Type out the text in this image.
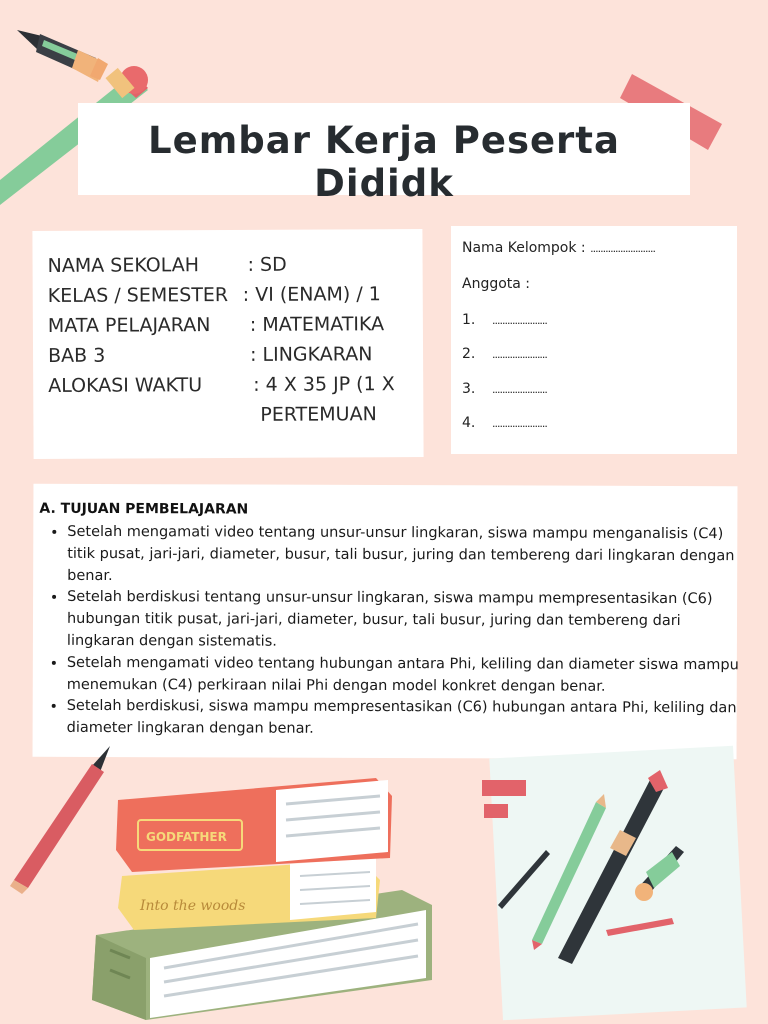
Lembar Kerja Peserta Dididk
NAMA SEKOLAH	: SD
KELAS / SEMESTER : VI (ENAM) / 1
MATA PELAJARAN : MATEMATIKA
BAB 3	: LINGKARAN
ALOKASI WAKTU	: 4 X 35 JP (1 X
PERTEMUAN
Nama Kelompok : ..........................
Anggota :
1. ......................
2. ......................
3. ......................
4. ......................
A. TUJUAN PEMBELAJARAN
• Setelah mengamati video tentang unsur-unsur lingkaran, siswa mampu menganalisis (C4) titik pusat, jari-jari, diameter, busur, tali busur, juring dan tembereng dari lingkaran dengan benar.
• Setelah berdiskusi tentang unsur-unsur lingkaran, siswa mampu mempresentasikan (C6) hubungan titik pusat, jari-jari, diameter, busur, tali busur, juring dan tembereng dari lingkaran dengan sistematis.
• Setelah mengamati video tentang hubungan antara Phi, keliling dan diameter siswa mampu menemukan (C4) perkiraan nilai Phi dengan model konkret dengan benar.
• Setelah berdiskusi, siswa mampu mempresentasikan (C6) hubungan antara Phi, keliling dan diameter lingkaran dengan benar.
Into the woods
GODFATHER
